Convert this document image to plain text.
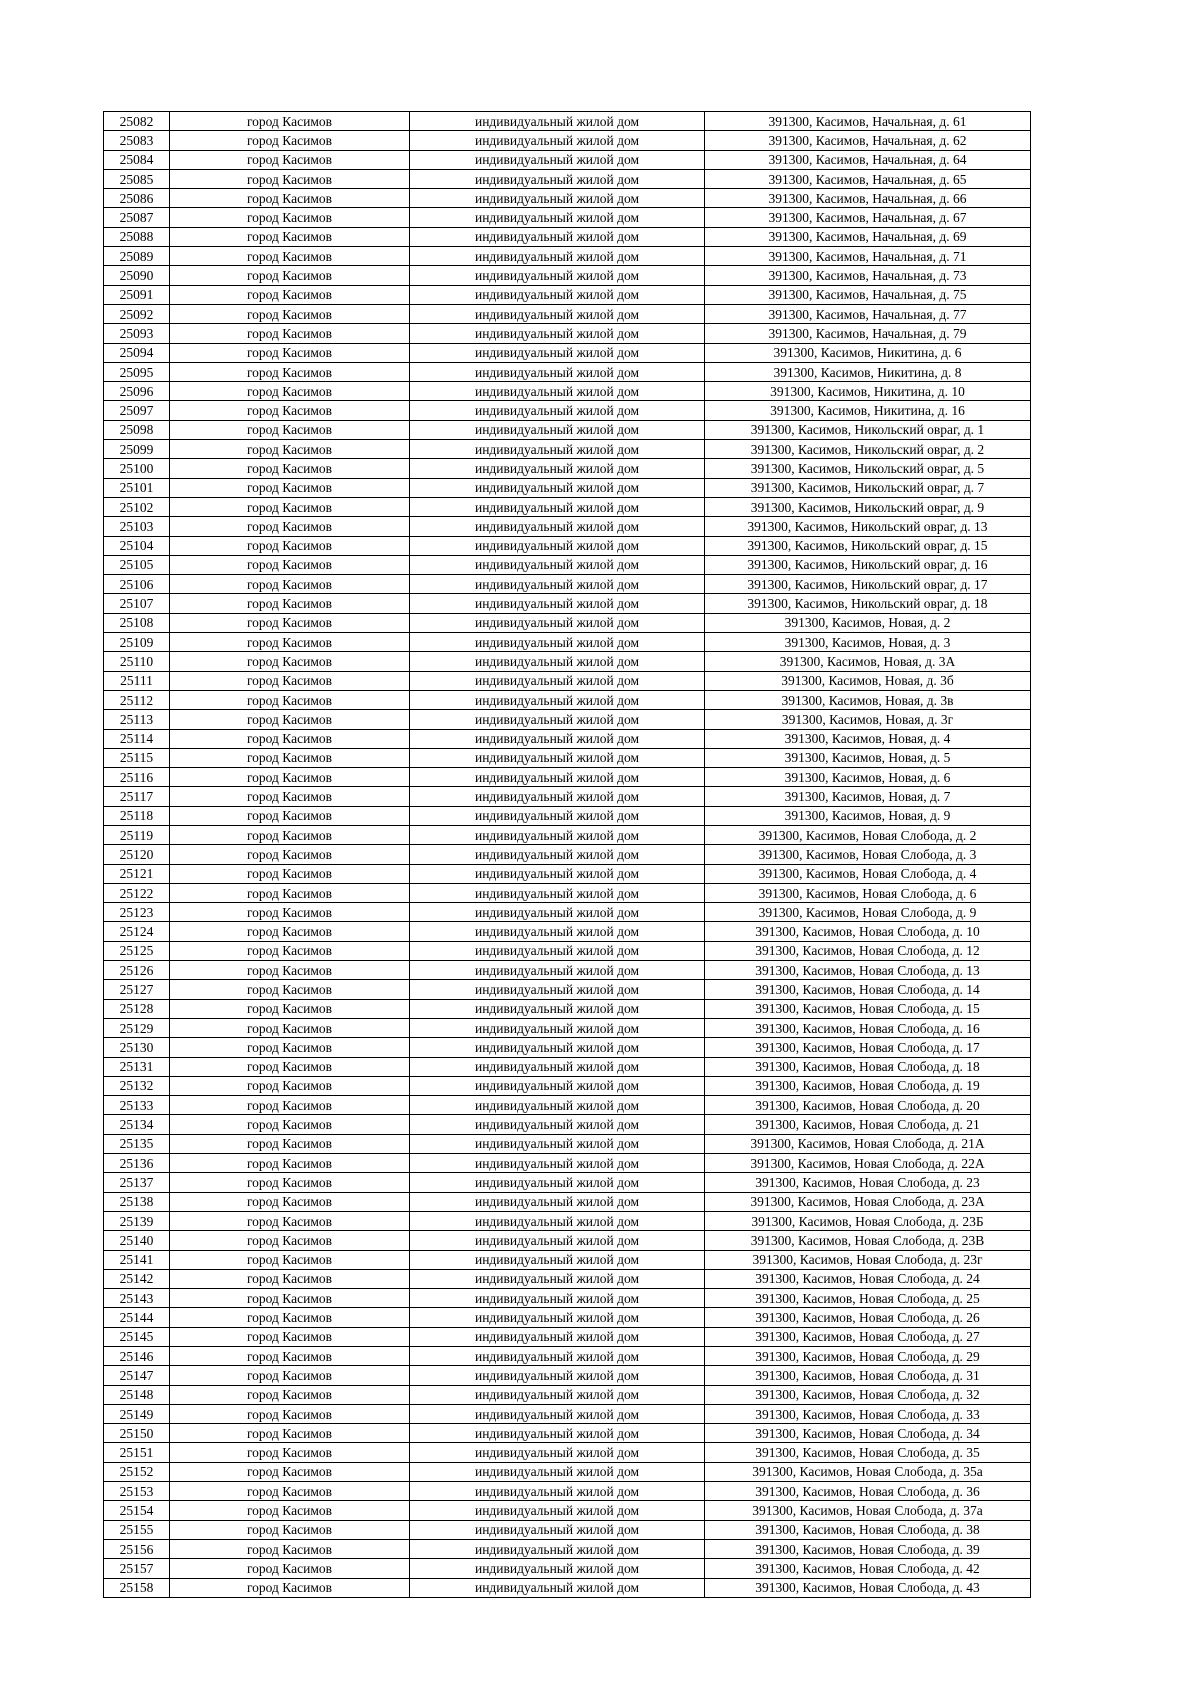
25082	город Касимов	индивидуальный жилой дом	391300, Касимов, Начальная, д. 61
25083	город Касимов	индивидуальный жилой дом	391300, Касимов, Начальная, д. 62
25084	город Касимов	индивидуальный жилой дом	391300, Касимов, Начальная, д. 64
25085	город Касимов	индивидуальный жилой дом	391300, Касимов, Начальная, д. 65
25086	город Касимов	индивидуальный жилой дом	391300, Касимов, Начальная, д. 66
25087	город Касимов	индивидуальный жилой дом	391300, Касимов, Начальная, д. 67
25088	город Касимов	индивидуальный жилой дом	391300, Касимов, Начальная, д. 69
25089	город Касимов	индивидуальный жилой дом	391300, Касимов, Начальная, д. 71
25090	город Касимов	индивидуальный жилой дом	391300, Касимов, Начальная, д. 73
25091	город Касимов	индивидуальный жилой дом	391300, Касимов, Начальная, д. 75
25092	город Касимов	индивидуальный жилой дом	391300, Касимов, Начальная, д. 77
25093	город Касимов	индивидуальный жилой дом	391300, Касимов, Начальная, д. 79
25094	город Касимов	индивидуальный жилой дом	391300, Касимов, Никитина, д. 6
25095	город Касимов	индивидуальный жилой дом	391300, Касимов, Никитина, д. 8
25096	город Касимов	индивидуальный жилой дом	391300, Касимов, Никитина, д. 10
25097	город Касимов	индивидуальный жилой дом	391300, Касимов, Никитина, д. 16
25098	город Касимов	индивидуальный жилой дом	391300, Касимов, Никольский овраг, д. 1
25099	город Касимов	индивидуальный жилой дом	391300, Касимов, Никольский овраг, д. 2
25100	город Касимов	индивидуальный жилой дом	391300, Касимов, Никольский овраг, д. 5
25101	город Касимов	индивидуальный жилой дом	391300, Касимов, Никольский овраг, д. 7
25102	город Касимов	индивидуальный жилой дом	391300, Касимов, Никольский овраг, д. 9
25103	город Касимов	индивидуальный жилой дом	391300, Касимов, Никольский овраг, д. 13
25104	город Касимов	индивидуальный жилой дом	391300, Касимов, Никольский овраг, д. 15
25105	город Касимов	индивидуальный жилой дом	391300, Касимов, Никольский овраг, д. 16
25106	город Касимов	индивидуальный жилой дом	391300, Касимов, Никольский овраг, д. 17
25107	город Касимов	индивидуальный жилой дом	391300, Касимов, Никольский овраг, д. 18
25108	город Касимов	индивидуальный жилой дом	391300, Касимов, Новая, д. 2
25109	город Касимов	индивидуальный жилой дом	391300, Касимов, Новая, д. 3
25110	город Касимов	индивидуальный жилой дом	391300, Касимов, Новая, д. 3А
25111	город Касимов	индивидуальный жилой дом	391300, Касимов, Новая, д. 3б
25112	город Касимов	индивидуальный жилой дом	391300, Касимов, Новая, д. 3в
25113	город Касимов	индивидуальный жилой дом	391300, Касимов, Новая, д. 3г
25114	город Касимов	индивидуальный жилой дом	391300, Касимов, Новая, д. 4
25115	город Касимов	индивидуальный жилой дом	391300, Касимов, Новая, д. 5
25116	город Касимов	индивидуальный жилой дом	391300, Касимов, Новая, д. 6
25117	город Касимов	индивидуальный жилой дом	391300, Касимов, Новая, д. 7
25118	город Касимов	индивидуальный жилой дом	391300, Касимов, Новая, д. 9
25119	город Касимов	индивидуальный жилой дом	391300, Касимов, Новая Слобода, д. 2
25120	город Касимов	индивидуальный жилой дом	391300, Касимов, Новая Слобода, д. 3
25121	город Касимов	индивидуальный жилой дом	391300, Касимов, Новая Слобода, д. 4
25122	город Касимов	индивидуальный жилой дом	391300, Касимов, Новая Слобода, д. 6
25123	город Касимов	индивидуальный жилой дом	391300, Касимов, Новая Слобода, д. 9
25124	город Касимов	индивидуальный жилой дом	391300, Касимов, Новая Слобода, д. 10
25125	город Касимов	индивидуальный жилой дом	391300, Касимов, Новая Слобода, д. 12
25126	город Касимов	индивидуальный жилой дом	391300, Касимов, Новая Слобода, д. 13
25127	город Касимов	индивидуальный жилой дом	391300, Касимов, Новая Слобода, д. 14
25128	город Касимов	индивидуальный жилой дом	391300, Касимов, Новая Слобода, д. 15
25129	город Касимов	индивидуальный жилой дом	391300, Касимов, Новая Слобода, д. 16
25130	город Касимов	индивидуальный жилой дом	391300, Касимов, Новая Слобода, д. 17
25131	город Касимов	индивидуальный жилой дом	391300, Касимов, Новая Слобода, д. 18
25132	город Касимов	индивидуальный жилой дом	391300, Касимов, Новая Слобода, д. 19
25133	город Касимов	индивидуальный жилой дом	391300, Касимов, Новая Слобода, д. 20
25134	город Касимов	индивидуальный жилой дом	391300, Касимов, Новая Слобода, д. 21
25135	город Касимов	индивидуальный жилой дом	391300, Касимов, Новая Слобода, д. 21А
25136	город Касимов	индивидуальный жилой дом	391300, Касимов, Новая Слобода, д. 22А
25137	город Касимов	индивидуальный жилой дом	391300, Касимов, Новая Слобода, д. 23
25138	город Касимов	индивидуальный жилой дом	391300, Касимов, Новая Слобода, д. 23А
25139	город Касимов	индивидуальный жилой дом	391300, Касимов, Новая Слобода, д. 23Б
25140	город Касимов	индивидуальный жилой дом	391300, Касимов, Новая Слобода, д. 23В
25141	город Касимов	индивидуальный жилой дом	391300, Касимов, Новая Слобода, д. 23г
25142	город Касимов	индивидуальный жилой дом	391300, Касимов, Новая Слобода, д. 24
25143	город Касимов	индивидуальный жилой дом	391300, Касимов, Новая Слобода, д. 25
25144	город Касимов	индивидуальный жилой дом	391300, Касимов, Новая Слобода, д. 26
25145	город Касимов	индивидуальный жилой дом	391300, Касимов, Новая Слобода, д. 27
25146	город Касимов	индивидуальный жилой дом	391300, Касимов, Новая Слобода, д. 29
25147	город Касимов	индивидуальный жилой дом	391300, Касимов, Новая Слобода, д. 31
25148	город Касимов	индивидуальный жилой дом	391300, Касимов, Новая Слобода, д. 32
25149	город Касимов	индивидуальный жилой дом	391300, Касимов, Новая Слобода, д. 33
25150	город Касимов	индивидуальный жилой дом	391300, Касимов, Новая Слобода, д. 34
25151	город Касимов	индивидуальный жилой дом	391300, Касимов, Новая Слобода, д. 35
25152	город Касимов	индивидуальный жилой дом	391300, Касимов, Новая Слобода, д. 35а
25153	город Касимов	индивидуальный жилой дом	391300, Касимов, Новая Слобода, д. 36
25154	город Касимов	индивидуальный жилой дом	391300, Касимов, Новая Слобода, д. 37а
25155	город Касимов	индивидуальный жилой дом	391300, Касимов, Новая Слобода, д. 38
25156	город Касимов	индивидуальный жилой дом	391300, Касимов, Новая Слобода, д. 39
25157	город Касимов	индивидуальный жилой дом	391300, Касимов, Новая Слобода, д. 42
25158	город Касимов	индивидуальный жилой дом	391300, Касимов, Новая Слобода, д. 43
